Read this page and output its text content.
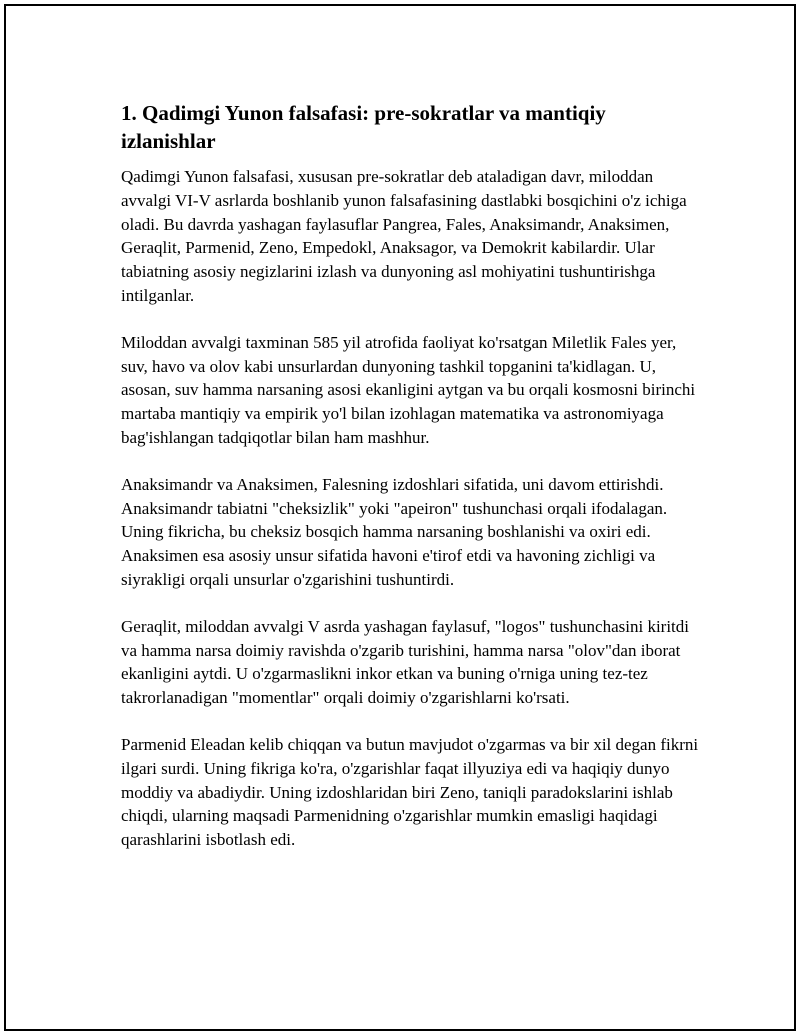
1. Qadimgi Yunon falsafasi: pre-sokratlar va mantiqiy izlanishlar

Qadimgi Yunon falsafasi, xususan pre-sokratlar deb ataladigan davr, miloddan avvalgi VI-V asrlarda boshlanib yunon falsafasining dastlabki bosqichini o'z ichiga oladi. Bu davrda yashagan faylasuflar Pangrea, Fales, Anaksimandr, Anaksimen, Geraqlit, Parmenid, Zeno, Empedokl, Anaksagor, va Demokrit kabilardir. Ular tabiatning asosiy negizlarini izlash va dunyoning asl mohiyatini tushuntirishga intilganlar.

Miloddan avvalgi taxminan 585 yil atrofida faoliyat ko'rsatgan Miletlik Fales yer, suv, havo va olov kabi unsurlardan dunyoning tashkil topganini ta'kidlagan. U, asosan, suv hamma narsaning asosi ekanligini aytgan va bu orqali kosmosni birinchi martaba mantiqiy va empirik yo'l bilan izohlagan matematika va astronomiyaga bag'ishlangan tadqiqotlar bilan ham mashhur.

Anaksimandr va Anaksimen, Falesning izdoshlari sifatida, uni davom ettirishdi. Anaksimandr tabiatni "cheksizlik" yoki "apeiron" tushunchasi orqali ifodalagan. Uning fikricha, bu cheksiz bosqich hamma narsaning boshlanishi va oxiri edi. Anaksimen esa asosiy unsur sifatida havoni e'tirof etdi va havoning zichligi va siyrakligi orqali unsurlar o'zgarishini tushuntirdi.

Geraqlit, miloddan avvalgi V asrda yashagan faylasuf, "logos" tushunchasini kiritdi va hamma narsa doimiy ravishda o'zgarib turishini, hamma narsa "olov"dan iborat ekanligini aytdi. U o'zgarmaslikni inkor etkan va buning o'rniga uning tez-tez takrorlanadigan "momentlar" orqali doimiy o'zgarishlarni ko'rsati.

Parmenid Eleadan kelib chiqqan va butun mavjudot o'zgarmas va bir xil degan fikrni ilgari surdi. Uning fikriga ko'ra, o'zgarishlar faqat illyuziya edi va haqiqiy dunyo moddiy va abadiydir. Uning izdoshlaridan biri Zeno, taniqli paradokslarini ishlab chiqdi, ularning maqsadi Parmenidning o'zgarishlar mumkin emasligi haqidagi qarashlarini isbotlash edi.
